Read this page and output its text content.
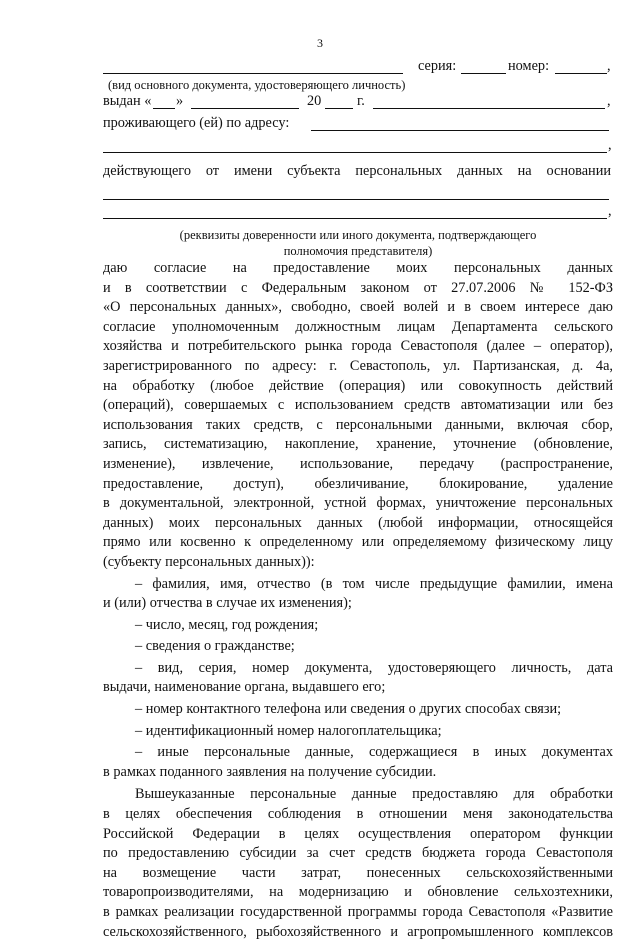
3
серия:	номер:	,
(вид основного документа, удостоверяющего личность)
выдан « »	20 г.	,
проживающего (ей) по адресу:
,
действующего от имени субъекта персональных данных на основании
,
(реквизиты доверенности или иного документа, подтверждающего
полномочия представителя)
даю согласие на предоставление моих персональных данных
и в соответствии с Федеральным законом от 27.07.2006 № 152-ФЗ
«О персональных данных», свободно, своей волей и в своем интересе даю
согласие уполномоченным должностным лицам Департамента сельского
хозяйства и потребительского рынка города Севастополя (далее – оператор),
зарегистрированного по адресу: г. Севастополь, ул. Партизанская, д. 4а,
на обработку (любое действие (операция) или совокупность действий
(операций), совершаемых с использованием средств автоматизации или без
использования таких средств, с персональными данными, включая сбор,
запись, систематизацию, накопление, хранение, уточнение (обновление,
изменение), извлечение, использование, передачу (распространение,
предоставление, доступ), обезличивание, блокирование, удаление
в документальной, электронной, устной формах, уничтожение персональных
данных) моих персональных данных (любой информации, относящейся
прямо или косвенно к определенному или определяемому физическому лицу
(субъекту персональных данных)):
– фамилия, имя, отчество (в том числе предыдущие фамилии, имена
и (или) отчества в случае их изменения);
– число, месяц, год рождения;
– сведения о гражданстве;
– вид, серия, номер документа, удостоверяющего личность, дата
выдачи, наименование органа, выдавшего его;
– номер контактного телефона или сведения о других способах связи;
– идентификационный номер налогоплательщика;
– иные персональные данные, содержащиеся в иных документах
в рамках поданного заявления на получение субсидии.
Вышеуказанные персональные данные предоставляю для обработки
в целях обеспечения соблюдения в отношении меня законодательства
Российской Федерации в целях осуществления оператором функции
по предоставлению субсидии за счет средств бюджета города Севастополя
на возмещение части затрат, понесенных сельскохозяйственными
товаропроизводителями, на модернизацию и обновление сельхозтехники,
в рамках реализации государственной программы города Севастополя «Развитие
сельскохозяйственного, рыбохозяйственного и агропромышленного комплексов
